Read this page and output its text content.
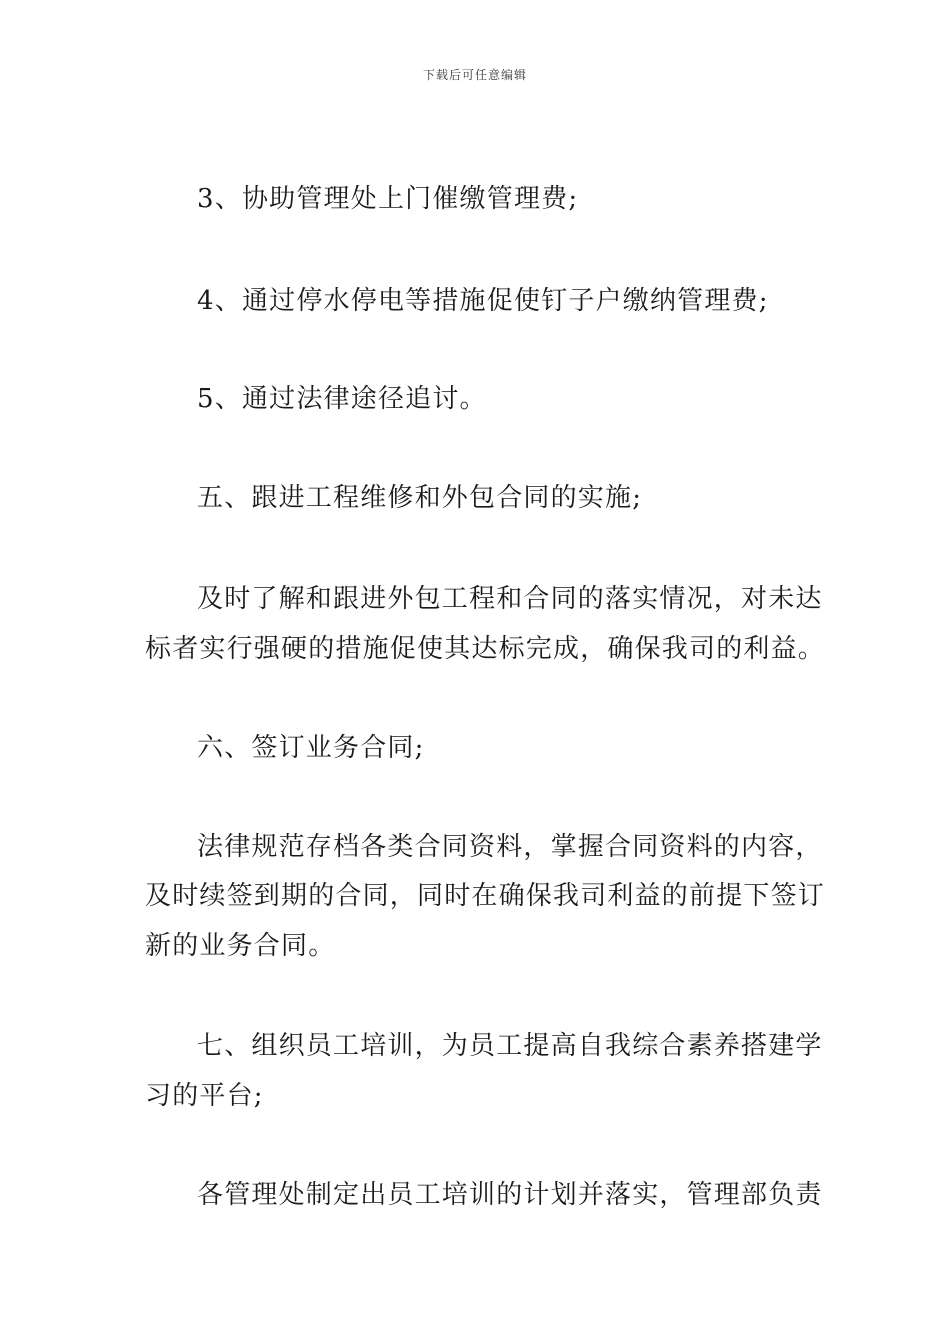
下载后可任意编辑
3、协助管理处上门催缴管理费;
4、通过停水停电等措施促使钉子户缴纳管理费;
5、通过法律途径追讨。
五、跟进工程维修和外包合同的实施;
及时了解和跟进外包工程和合同的落实情况，对未达
标者实行强硬的措施促使其达标完成，确保我司的利益。
六、签订业务合同;
法律规范存档各类合同资料，掌握合同资料的内容，
及时续签到期的合同，同时在确保我司利益的前提下签订
新的业务合同。
七、组织员工培训，为员工提高自我综合素养搭建学
习的平台;
各管理处制定出员工培训的计划并落实，管理部负责
